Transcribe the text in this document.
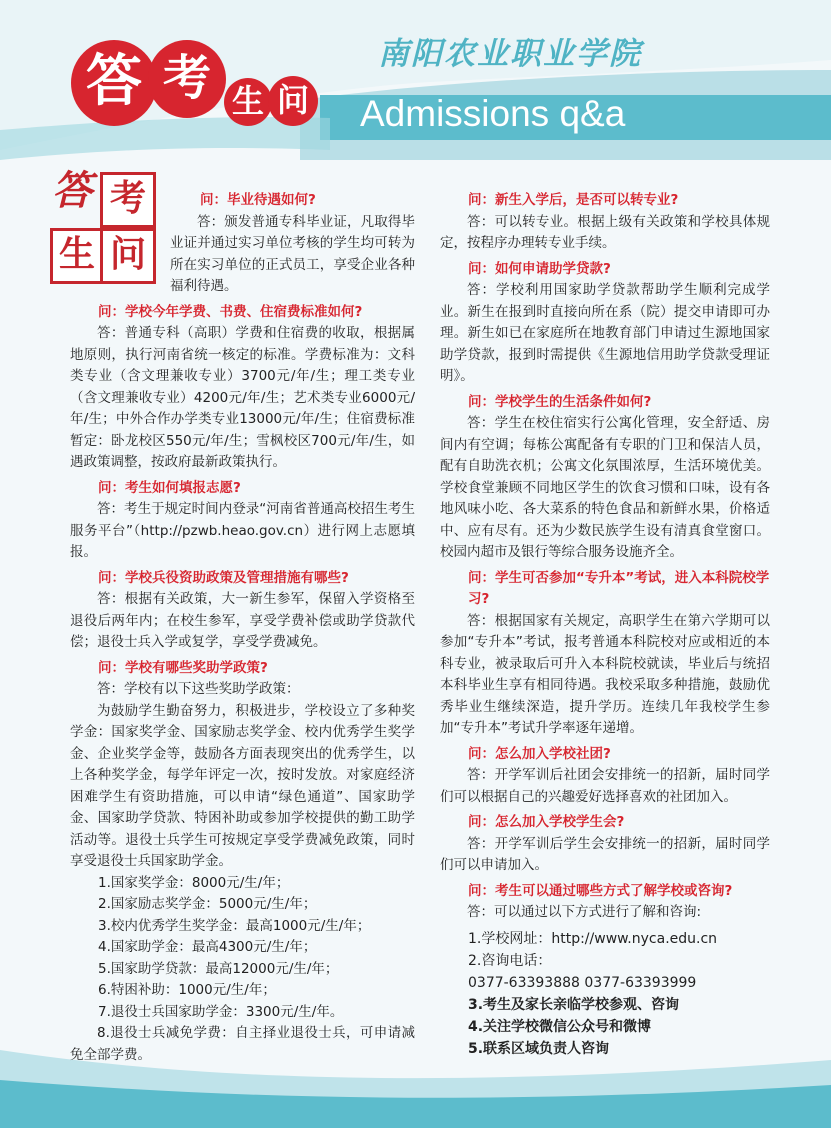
南阳农业职业学院
Admissions q&a
答 考 生 问
答 考
生 问
问：毕业待遇如何?

答：颁发普通专科毕业证，凡取得毕业证并通过实习单位考核的学生均可转为所在实习单位的正式员工，享受企业各种福利待遇。

问：学校今年学费、书费、住宿费标准如何?

答：普通专科（高职）学费和住宿费的收取，根据属地原则，执行河南省统一核定的标准。学费标准为：文科类专业（含文理兼收专业）3700元/年/生；理工类专业（含文理兼收专业）4200元/年/生；艺术类专业6000元/年/生；中外合作办学类专业13000元/年/生；住宿费标准暂定：卧龙校区550元/年/生；雪枫校区700元/年/生，如遇政策调整，按政府最新政策执行。

问：考生如何填报志愿?

答：考生于规定时间内登录“河南省普通高校招生考生服务平台”（http://pzwb.heao.gov.cn）进行网上志愿填报。

问：学校兵役资助政策及管理措施有哪些?

答：根据有关政策，大一新生参军，保留入学资格至退役后两年内；在校生参军，享受学费补偿或助学贷款代偿；退役士兵入学或复学，享受学费减免。

问：学校有哪些奖助学政策?

答：学校有以下这些奖助学政策：

为鼓励学生勤奋努力，积极进步，学校设立了多种奖学金：国家奖学金、国家励志奖学金、校内优秀学生奖学金、企业奖学金等，鼓励各方面表现突出的优秀学生，以上各种奖学金，每学年评定一次，按时发放。对家庭经济困难学生有资助措施，可以申请“绿色通道”、国家助学金、国家助学贷款、特困补助或参加学校提供的勤工助学活动等。退役士兵学生可按规定享受学费减免政策，同时享受退役士兵国家助学金。

1.国家奖学金：8000元/生/年；
2.国家励志奖学金：5000元/生/年；
3.校内优秀学生奖学金：最高1000元/生/年；
4.国家助学金：最高4300元/生/年；
5.国家助学贷款：最高12000元/生/年；
6.特困补助：1000元/生/年；
7.退役士兵国家助学金：3300元/生/年。
8.退役士兵减免学费：自主择业退役士兵，可申请减免全部学费。
问：新生入学后，是否可以转专业?

答：可以转专业。根据上级有关政策和学校具体规定，按程序办理转专业手续。

问：如何申请助学贷款?

答：学校利用国家助学贷款帮助学生顺利完成学业。新生在报到时直接向所在系（院）提交申请即可办理。新生如已在家庭所在地教育部门申请过生源地国家助学贷款，报到时需提供《生源地信用助学贷款受理证明》。

问：学校学生的生活条件如何?

答：学生在校住宿实行公寓化管理，安全舒适、房间内有空调；每栋公寓配备有专职的门卫和保洁人员，配有自助洗衣机；公寓文化氛围浓厚，生活环境优美。学校食堂兼顾不同地区学生的饮食习惯和口味，设有各地风味小吃、各大菜系的特色食品和新鲜水果，价格适中、应有尽有。还为少数民族学生设有清真食堂窗口。校园内超市及银行等综合服务设施齐全。

问：学生可否参加“专升本”考试，进入本科院校学习?

答：根据国家有关规定，高职学生在第六学期可以参加“专升本”考试，报考普通本科院校对应或相近的本科专业，被录取后可升入本科院校就读，毕业后与统招本科毕业生享有相同待遇。我校采取多种措施，鼓励优秀毕业生继续深造，提升学历。连续几年我校学生参加“专升本”考试升学率逐年递增。

问：怎么加入学校社团?

答：开学军训后社团会安排统一的招新，届时同学们可以根据自己的兴趣爱好选择喜欢的社团加入。

问：怎么加入学校学生会?

答：开学军训后学生会安排统一的招新，届时同学们可以申请加入。

问：考生可以通过哪些方式了解学校或咨询?

答：可以通过以下方式进行了解和咨询:

1.学校网址：http://www.nyca.edu.cn
2.咨询电话：
0377-63393888 0377-63393999
3.考生及家长亲临学校参观、咨询
4.关注学校微信公众号和微博
5.联系区域负责人咨询
